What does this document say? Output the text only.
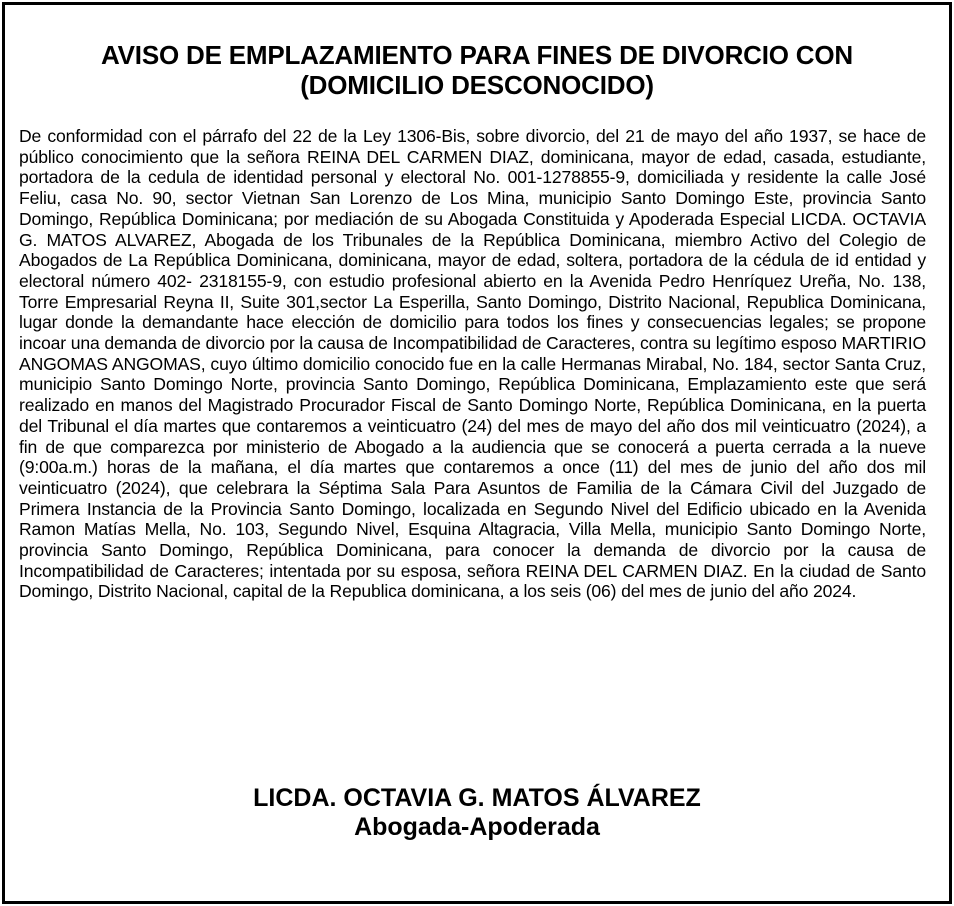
AVISO DE EMPLAZAMIENTO PARA FINES DE DIVORCIO CON
(DOMICILIO DESCONOCIDO)

De conformidad con el párrafo del 22 de la Ley 1306-Bis, sobre divorcio, del 21 de mayo del año 1937, se hace de público conocimiento que la señora REINA DEL CARMEN DIAZ, dominicana, mayor de edad, casada, estudiante, portadora de la cedula de identidad personal y electoral No. 001-1278855-9, domiciliada y residente la calle José Feliu, casa No. 90, sector Vietnan San Lorenzo de Los Mina, municipio Santo Domingo Este, provincia Santo Domingo, República Dominicana; por mediación de su Abogada Constituida y Apoderada Especial LICDA. OCTAVIA G. MATOS ALVAREZ, Abogada de los Tribunales de la República Dominicana, miembro Activo del Colegio de Abogados de La República Dominicana, dominicana, mayor de edad, soltera, portadora de la cédula de id entidad y electoral número 402- 2318155-9, con estudio profesional abierto en la Avenida Pedro Henríquez Ureña, No. 138, Torre Empresarial Reyna II, Suite 301,sector La Esperilla, Santo Domingo, Distrito Nacional, Republica Dominicana, lugar donde la demandante hace elección de domicilio para todos los fines y consecuencias legales; se propone incoar una demanda de divorcio por la causa de Incompatibilidad de Caracteres, contra su legítimo esposo MARTIRIO ANGOMAS ANGOMAS, cuyo último domicilio conocido fue en la calle Hermanas Mirabal, No. 184, sector Santa Cruz, municipio Santo Domingo Norte, provincia Santo Domingo, República Dominicana, Emplazamiento este que será realizado en manos del Magistrado Procurador Fiscal de Santo Domingo Norte, República Dominicana, en la puerta del Tribunal el día martes que contaremos a veinticuatro (24) del mes de mayo del año dos mil veinticuatro (2024), a fin de que comparezca por ministerio de Abogado a la audiencia que se conocerá a puerta cerrada a la nueve (9:00a.m.) horas de la mañana, el día martes que contaremos a once (11) del mes de junio del año dos mil veinticuatro (2024), que celebrara la Séptima Sala Para Asuntos de Familia de la Cámara Civil del Juzgado de Primera Instancia de la Provincia Santo Domingo, localizada en Segundo Nivel del Edificio ubicado en la Avenida Ramon Matías Mella, No. 103, Segundo Nivel, Esquina Altagracia, Villa Mella, municipio Santo Domingo Norte, provincia Santo Domingo, República Dominicana, para conocer la demanda de divorcio por la causa de Incompatibilidad de Caracteres; intentada por su esposa, señora REINA DEL CARMEN DIAZ. En la ciudad de Santo Domingo, Distrito Nacional, capital de la Republica dominicana, a los seis (06) del mes de junio del año 2024.

LICDA. OCTAVIA G. MATOS ÁLVAREZ
Abogada-Apoderada
